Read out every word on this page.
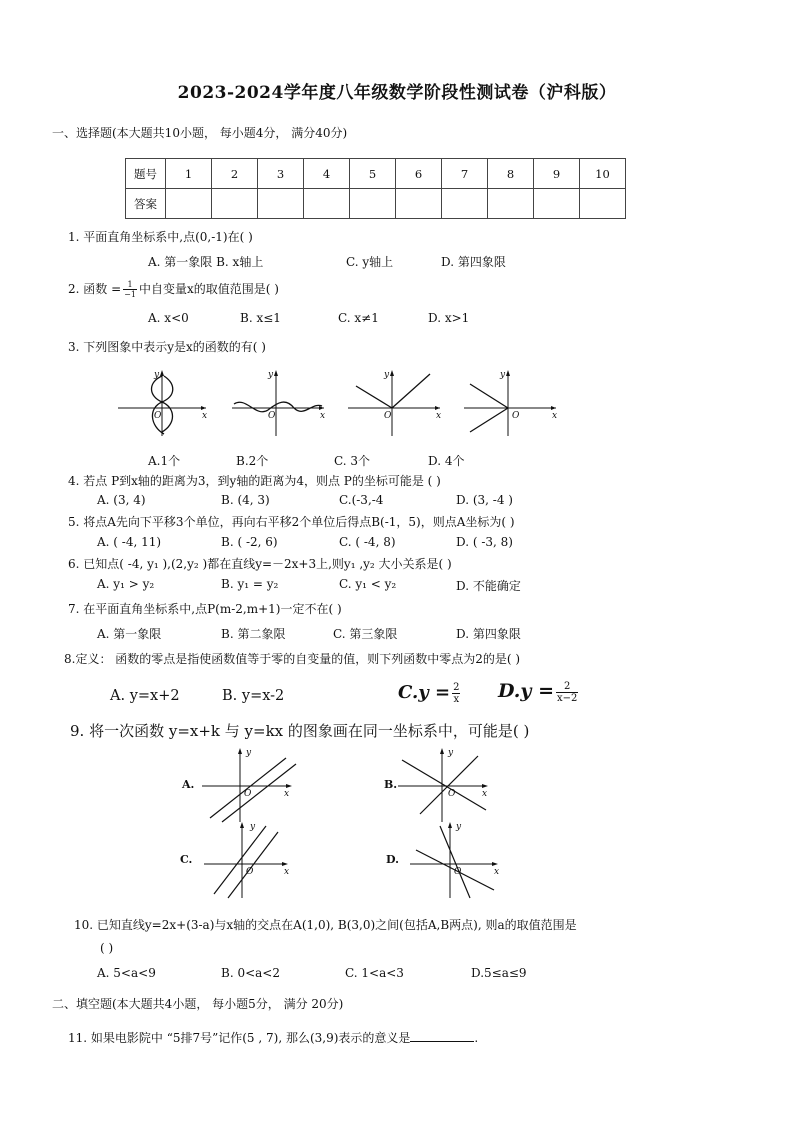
2023-2024学年度八年级数学阶段性测试卷（沪科版）
一、选择题(本大题共10小题， 每小题4分， 满分40分)
题号	1	2	3	4	5	6	7	8	9	10
答案										
1. 平面直角坐标系中,点(0,-1)在( )
A. 第一象限 B. x轴上	C. y轴上	D. 第四象限
2. 函数 = $\frac{1}{-1}$ 中自变量x的取值范围是( )
A. x<0	B. x≤1	C. x≠1	D. x>1
3. 下列图象中表示y是x的函数的有( )
y
x
O
y
x
O
y
x
O
y
x
O
A.1个	B.2个	C. 3个	D. 4个
4. 若点 P到x轴的距离为3，到y轴的距离为4，则点 P的坐标可能是 ( )
A. (3, 4)	B. (4, 3)	C.(-3,-4	D. (3, -4 )
5. 将点A先向下平移3个单位，再向右平移2个单位后得点B(-1，5)，则点A坐标为( )
A. ( -4, 11)	B. ( -2, 6)	C. ( -4, 8)	D. ( -3, 8)
6. 已知点( -4, y₁ ),(2,y₂ )都在直线y=－2x+3上,则y₁ ,y₂ 大小关系是( )
A. y₁ > y₂	B. y₁ = y₂	C. y₁ < y₂	D. 不能确定
7. 在平面直角坐标系中,点P(m-2,m+1)一定不在( )
A. 第一象限	B. 第二象限	C. 第三象限	D. 第四象限
8.定义： 函数的零点是指使函数值等于零的自变量的值，则下列函数中零点为2的是( )
A. y=x+2	B. y=x-2	$C.y = \frac{2}{x} D.y = \frac{2}{x-2}$
9. 将一次函数 y=x+k 与 y=kx 的图象画在同一坐标系中，可能是( )
A.
y
x
O
B.
y
x
O
C.
y
x
O
D.
y
x
O
10. 已知直线y=2x+(3-a)与x轴的交点在A(1,0), B(3,0)之间(包括A,B两点), 则a的取值范围是
( )
A. 5<a<9	B. 0<a<2	C. 1<a<3	D.5≤a≤9
二、填空题(本大题共4小题， 每小题5分， 满分 20分)
11. 如果电影院中 “5排7号”记作(5 , 7), 那么(3,9)表示的意义是	.
